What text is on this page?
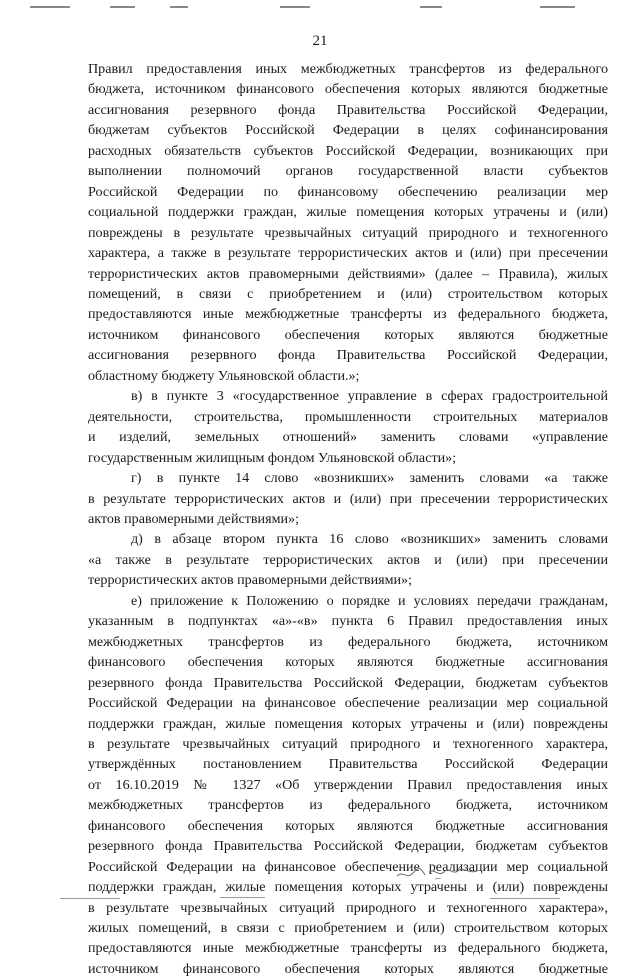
21
Правил предоставления иных межбюджетных трансфертов из федерального
бюджета, источником финансового обеспечения которых являются бюджетные
ассигнования резервного фонда Правительства Российской Федерации,
бюджетам субъектов Российской Федерации в целях софинансирования
расходных обязательств субъектов Российской Федерации, возникающих при
выполнении полномочий органов государственной власти субъектов
Российской Федерации по финансовому обеспечению реализации мер
социальной поддержки граждан, жилые помещения которых утрачены и (или)
повреждены в результате чрезвычайных ситуаций природного и техногенного
характера, а также в результате террористических актов и (или) при пресечении
террористических актов правомерными действиями» (далее – Правила), жилых
помещений, в связи с приобретением и (или) строительством которых
предоставляются иные межбюджетные трансферты из федерального бюджета,
источником финансового обеспечения которых являются бюджетные
ассигнования резервного фонда Правительства Российской Федерации,
областному бюджету Ульяновской области.»;
в) в пункте 3 «государственное управление в сферах градостроительной
деятельности, строительства, промышленности строительных материалов
и изделий, земельных отношений» заменить словами «управление
государственным жилищным фондом Ульяновской области»;
г) в пункте 14 слово «возникших» заменить словами «а также
в результате террористических актов и (или) при пресечении террористических
актов правомерными действиями»;
д) в абзаце втором пункта 16 слово «возникших» заменить словами
«а также в результате террористических актов и (или) при пресечении
террористических актов правомерными действиями»;
е) приложение к Положению о порядке и условиях передачи гражданам,
указанным в подпунктах «а»-«в» пункта 6 Правил предоставления иных
межбюджетных трансфертов из федерального бюджета, источником
финансового обеспечения которых являются бюджетные ассигнования
резервного фонда Правительства Российской Федерации, бюджетам субъектов
Российской Федерации на финансовое обеспечение реализации мер социальной
поддержки граждан, жилые помещения которых утрачены и (или) повреждены
в результате чрезвычайных ситуаций природного и техногенного характера,
утверждённых постановлением Правительства Российской Федерации
от 16.10.2019 № 1327 «Об утверждении Правил предоставления иных
межбюджетных трансфертов из федерального бюджета, источником
финансового обеспечения которых являются бюджетные ассигнования
резервного фонда Правительства Российской Федерации, бюджетам субъектов
Российской Федерации на финансовое обеспечение реализации мер социальной
поддержки граждан, жилые помещения которых утрачены и (или) повреждены
в результате чрезвычайных ситуаций природного и техногенного характера»,
жилых помещений, в связи с приобретением и (или) строительством которых
предоставляются иные межбюджетные трансферты из федерального бюджета,
источником финансового обеспечения которых являются бюджетные
